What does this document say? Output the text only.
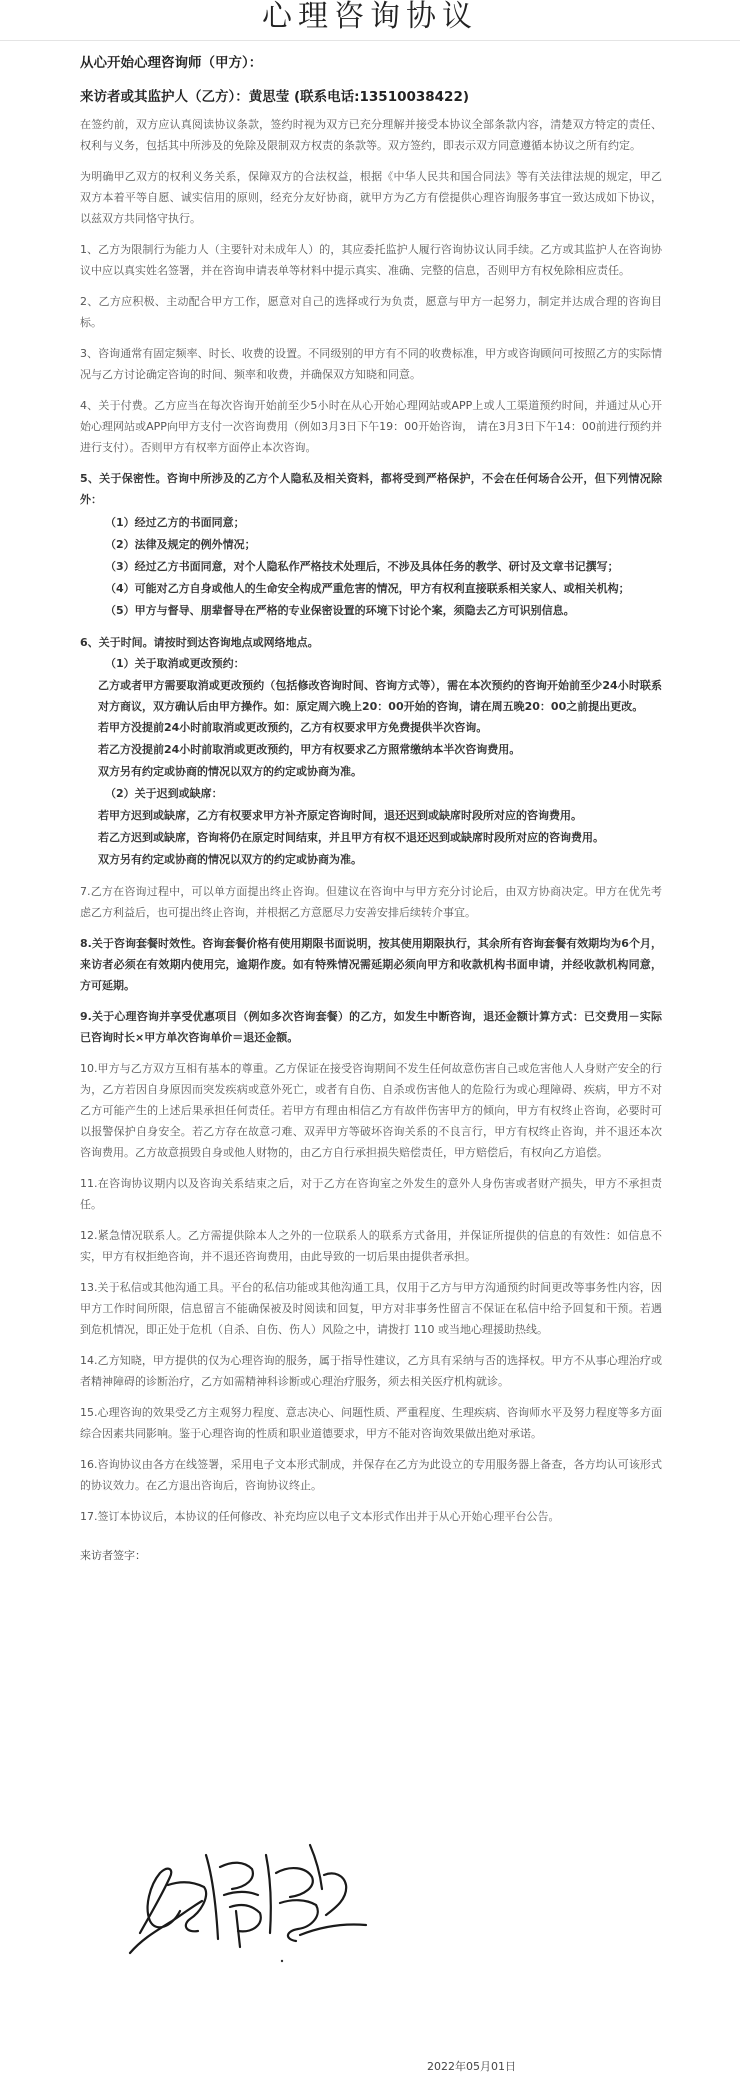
心理咨询协议
从心开始心理咨询师（甲方）：
来访者或其监护人（乙方）：黄思莹 (联系电话:13510038422)

在签约前，双方应认真阅读协议条款，签约时视为双方已充分理解并接受本协议全部条款内容，清楚双方特定的责任、权利与义务，包括其中所涉及的免除及限制双方权责的条款等。双方签约，即表示双方同意遵循本协议之所有约定。

为明确甲乙双方的权利义务关系，保障双方的合法权益，根据《中华人民共和国合同法》等有关法律法规的规定，甲乙双方本着平等自愿、诚实信用的原则，经充分友好协商，就甲方为乙方有偿提供心理咨询服务事宜一致达成如下协议，以兹双方共同恪守执行。

1、乙方为限制行为能力人（主要针对未成年人）的，其应委托监护人履行咨询协议认同手续。乙方或其监护人在咨询协议中应以真实姓名签署，并在咨询申请表单等材料中提示真实、准确、完整的信息，否则甲方有权免除相应责任。

2、乙方应积极、主动配合甲方工作，愿意对自己的选择或行为负责，愿意与甲方一起努力，制定并达成合理的咨询目标。

3、咨询通常有固定频率、时长、收费的设置。不同级别的甲方有不同的收费标准，甲方或咨询顾问可按照乙方的实际情况与乙方讨论确定咨询的时间、频率和收费，并确保双方知晓和同意。

4、关于付费。乙方应当在每次咨询开始前至少5小时在从心开始心理网站或APP上或人工渠道预约时间，并通过从心开始心理网站或APP向甲方支付一次咨询费用（例如3月3日下午19：00开始咨询， 请在3月3日下午14：00前进行预约并进行支付）。否则甲方有权率方面停止本次咨询。

5、关于保密性。咨询中所涉及的乙方个人隐私及相关资料，都将受到严格保护，不会在任何场合公开，但下列情况除外：

（1）经过乙方的书面同意；
（2）法律及规定的例外情况；
（3）经过乙方书面同意，对个人隐私作严格技术处理后，不涉及具体任务的教学、研讨及文章书记撰写；
（4）可能对乙方自身或他人的生命安全构成严重危害的情况，甲方有权利直接联系相关家人、或相关机构；
（5）甲方与督导、朋辈督导在严格的专业保密设置的环境下讨论个案，须隐去乙方可识别信息。

6、关于时间。请按时到达咨询地点或网络地点。

（1）关于取消或更改预约：

乙方或者甲方需要取消或更改预约（包括修改咨询时间、咨询方式等），需在本次预约的咨询开始前至少24小时联系对方商议，双方确认后由甲方操作。如：原定周六晚上20：00开始的咨询，请在周五晚20：00之前提出更改。

若甲方没提前24小时前取消或更改预约，乙方有权要求甲方免费提供半次咨询。
若乙方没提前24小时前取消或更改预约，甲方有权要求乙方照常缴纳本半次咨询费用。
双方另有约定或协商的情况以双方的约定或协商为准。
（2）关于迟到或缺席：
若甲方迟到或缺席，乙方有权要求甲方补齐原定咨询时间，退还迟到或缺席时段所对应的咨询费用。
若乙方迟到或缺席，咨询将仍在原定时间结束，并且甲方有权不退还迟到或缺席时段所对应的咨询费用。
双方另有约定或协商的情况以双方的约定或协商为准。

7.乙方在咨询过程中，可以单方面提出终止咨询。但建议在咨询中与甲方充分讨论后，由双方协商决定。甲方在优先考虑乙方利益后，也可提出终止咨询，并根据乙方意愿尽力安善安排后续转介事宜。

8.关于咨询套餐时效性。咨询套餐价格有使用期限书面说明，按其使用期限执行，其余所有咨询套餐有效期均为6个月，来访者必须在有效期内使用完，逾期作废。如有特殊情况需延期必须向甲方和收款机构书面申请，并经收款机构同意，方可延期。

9.关于心理咨询并享受优惠项目（例如多次咨询套餐）的乙方，如发生中断咨询，退还金额计算方式：已交费用－实际已咨询时长×甲方单次咨询单价＝退还金额。

10.甲方与乙方双方互相有基本的尊重。乙方保证在接受咨询期间不发生任何故意伤害自己或危害他人人身财产安全的行为，乙方若因自身原因而突发疾病或意外死亡，或者有自伤、自杀或伤害他人的危险行为或心理障碍、疾病，甲方不对乙方可能产生的上述后果承担任何责任。若甲方有理由相信乙方有故伴伤害甲方的倾向，甲方有权终止咨询，必要时可以报警保护自身安全。若乙方存在故意刁难、双弄甲方等破坏咨询关系的不良言行，甲方有权终止咨询，并不退还本次咨询费用。乙方故意损毁自身或他人财物的，由乙方自行承担损失赔偿责任，甲方赔偿后，有权向乙方追偿。

11.在咨询协议期内以及咨询关系结束之后，对于乙方在咨询室之外发生的意外人身伤害或者财产损失，甲方不承担责任。

12.紧急情况联系人。乙方需提供除本人之外的一位联系人的联系方式备用，并保证所提供的信息的有效性：如信息不实，甲方有权拒绝咨询，并不退还咨询费用，由此导致的一切后果由提供者承担。

13.关于私信或其他沟通工具。平台的私信功能或其他沟通工具，仅用于乙方与甲方沟通预约时间更改等事务性内容，因甲方工作时间所限，信息留言不能确保被及时阅读和回复，甲方对非事务性留言不保证在私信中给予回复和干预。若遇到危机情况，即正处于危机（自杀、自伤、伤人）风险之中，请拨打 110 或当地心理援助热线。

14.乙方知晓，甲方提供的仅为心理咨询的服务，属于指导性建议，乙方具有采纳与否的选择权。甲方不从事心理治疗或者精神障碍的诊断治疗，乙方如需精神科诊断或心理治疗服务，须去相关医疗机构就诊。

15.心理咨询的效果受乙方主观努力程度、意志决心、问题性质、严重程度、生理疾病、咨询师水平及努力程度等多方面综合因素共同影响。鉴于心理咨询的性质和职业道德要求，甲方不能对咨询效果做出绝对承诺。

16.咨询协议由各方在线签署，采用电子文本形式制成，并保存在乙方为此设立的专用服务器上备查，各方均认可该形式的协议效力。在乙方退出咨询后，咨询协议终止。

17.签订本协议后，本协议的任何修改、补充均应以电子文本形式作出并于从心开始心理平台公告。

来访者签字：
2022年05月01日
